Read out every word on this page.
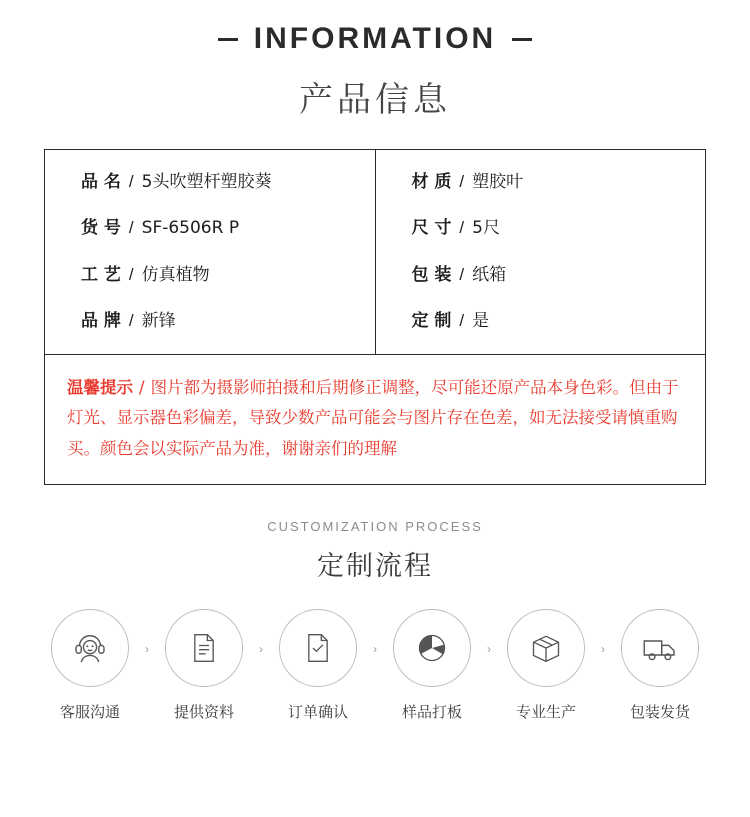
INFORMATION
产品信息
品 名 / 5头吹塑杆塑胶葵
货 号 / SF-6506R P
工 艺 / 仿真植物
品 牌 / 新锋
材 质 / 塑胶叶
尺 寸 / 5尺
包 装 / 纸箱
定 制 / 是
温馨提示 / 图片都为摄影师拍摄和后期修正调整，尽可能还原产品本身色彩。但由于灯光、显示器色彩偏差，导致少数产品可能会与图片存在色差，如无法接受请慎重购买。颜色会以实际产品为准，谢谢亲们的理解
CUSTOMIZATION PROCESS
定制流程
客服沟通
›
提供资料
›
订单确认
›
样品打板
›
专业生产
›
包装发货
